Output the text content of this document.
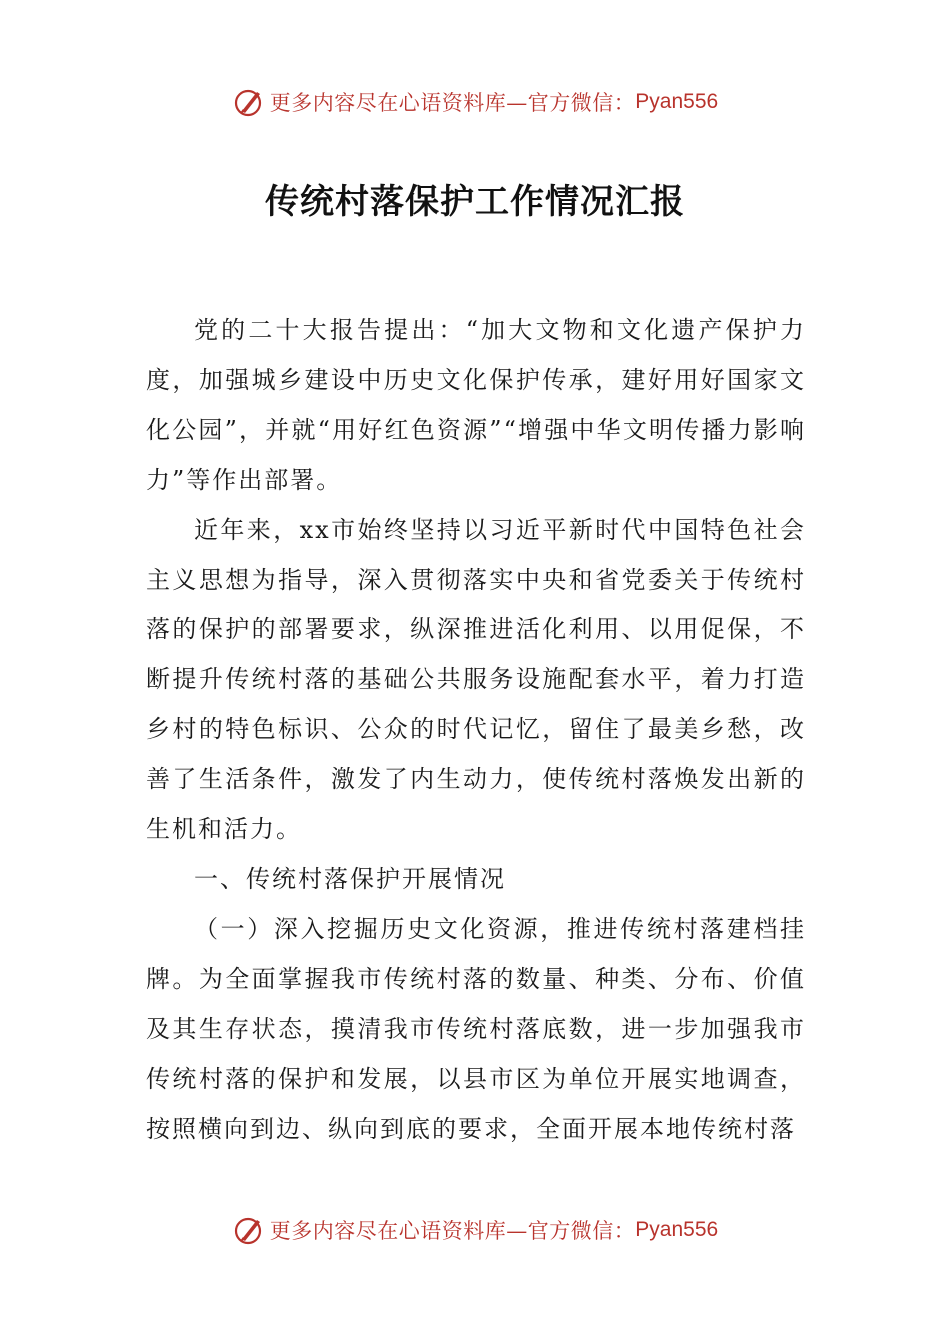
更多内容尽在心语资料库—官方微信： Pyan556
传统村落保护工作情况汇报

党的二十大报告提出：“加大文物和文化遗产保护力度，加强城乡建设中历史文化保护传承，建好用好国家文化公园”，并就“用好红色资源”“增强中华文明传播力影响力”等作出部署。

近年来，xx市始终坚持以习近平新时代中国特色社会主义思想为指导，深入贯彻落实中央和省党委关于传统村落的保护的部署要求，纵深推进活化利用、以用促保，不断提升传统村落的基础公共服务设施配套水平，着力打造乡村的特色标识、公众的时代记忆，留住了最美乡愁，改善了生活条件，激发了内生动力，使传统村落焕发出新的生机和活力。

一、传统村落保护开展情况

（一）深入挖掘历史文化资源，推进传统村落建档挂牌。为全面掌握我市传统村落的数量、种类、分布、价值及其生存状态，摸清我市传统村落底数，进一步加强我市传统村落的保护和发展，以县市区为单位开展实地调查，按照横向到边、纵向到底的要求，全面开展本地传统村落

更多内容尽在心语资料库—官方微信： Pyan556
